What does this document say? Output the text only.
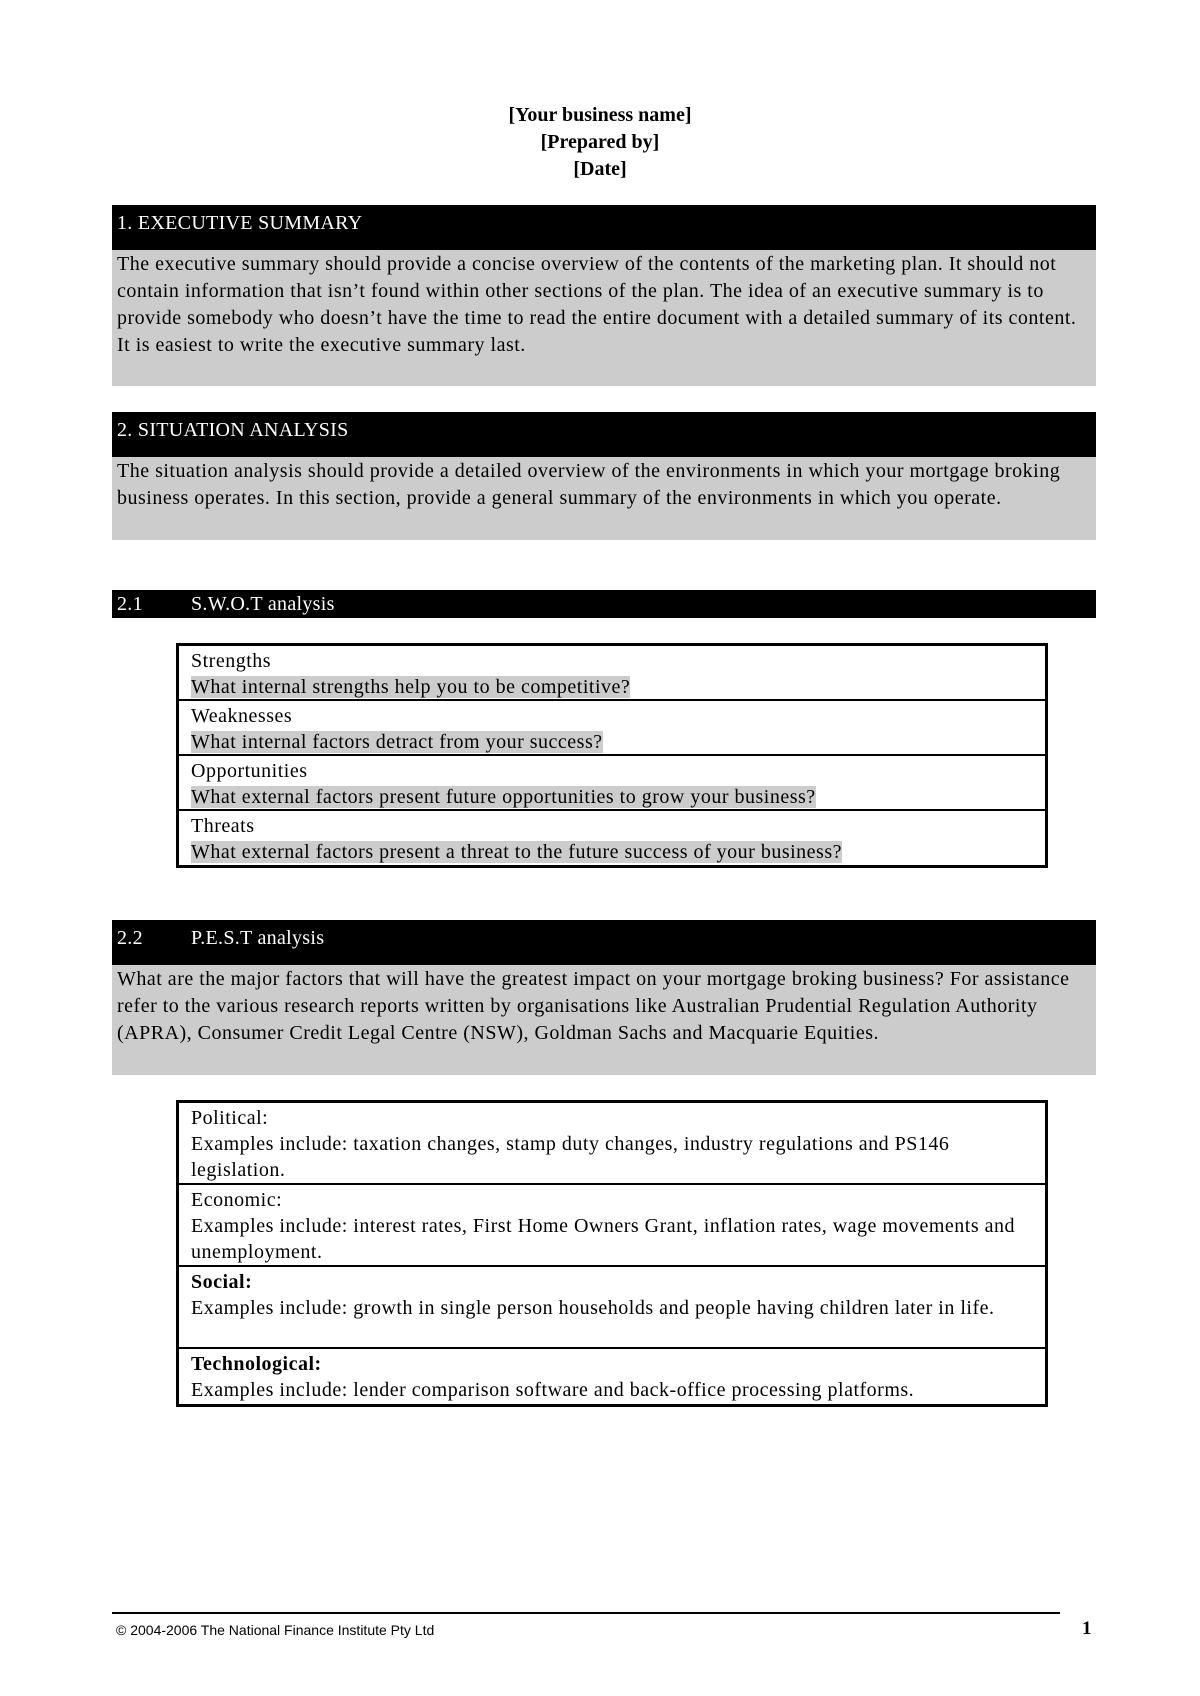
[Your business name]
[Prepared by]
[Date]
1. EXECUTIVE SUMMARY
The executive summary should provide a concise overview of the contents of the marketing plan. It should not contain information that isn’t found within other sections of the plan. The idea of an executive summary is to provide somebody who doesn’t have the time to read the entire document with a detailed summary of its content. It is easiest to write the executive summary last.
2. SITUATION ANALYSIS
The situation analysis should provide a detailed overview of the environments in which your mortgage broking business operates. In this section, provide a general summary of the environments in which you operate.
2.1 S.W.O.T analysis
Strengths
What internal strengths help you to be competitive?
Weaknesses
What internal factors detract from your success?
Opportunities
What external factors present future opportunities to grow your business?
Threats
What external factors present a threat to the future success of your business?
2.2 P.E.S.T analysis
What are the major factors that will have the greatest impact on your mortgage broking business? For assistance refer to the various research reports written by organisations like Australian Prudential Regulation Authority (APRA), Consumer Credit Legal Centre (NSW), Goldman Sachs and Macquarie Equities.
Political:
Examples include: taxation changes, stamp duty changes, industry regulations and PS146 legislation.
Economic:
Examples include: interest rates, First Home Owners Grant, inflation rates, wage movements and unemployment.
Social:
Examples include: growth in single person households and people having children later in life.
Technological:
Examples include: lender comparison software and back-office processing platforms.
© 2004-2006 The National Finance Institute Pty Ltd	1
